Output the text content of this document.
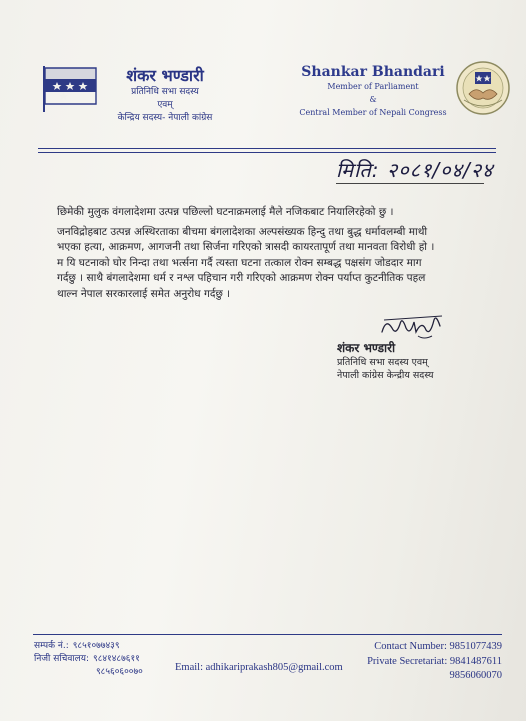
शंकर भण्डारी
प्रतिनिधि सभा सदस्य
एवम्
केन्द्रिय सदस्य- नेपाली कांग्रेस
Shankar Bhandari
Member of Parliament
&
Central Member of Nepali Congress
मिति: २०८१/०४/२४

छिमेकी मुलुक वंगलादेशमा उत्पन्न पछिल्लो घटनाक्रमलाई मैले नजिकबाट नियालिरहेको छु ।

जनविद्रोहबाट उत्पन्न अस्थिरताका बीचमा बंगलादेशका अल्पसंख्यक हिन्दु तथा बुद्ध धर्मावलम्बी माथी

भएका हत्या, आक्रमण, आगजनी तथा सिर्जना गरिएको त्रासदी कायरतापूर्ण तथा मानवता विरोधी हो ।

म यि घटनाको घोर निन्दा तथा भर्त्सना गर्दै त्यस्ता घटना तत्काल रोक्न सम्बद्ध पक्षसंग जोडदार माग

गर्दछु । साथै बंगलादेशमा धर्म र नश्ल पहिचान गरी गरिएको आक्रमण रोक्न पर्याप्त कुटनीतिक पहल

थाल्न नेपाल सरकारलाई समेत अनुरोध गर्दछु ।

शंकर भण्डारी
प्रतिनिधि सभा सदस्य एवम्
नेपाली कांग्रेस केन्द्रीय सदस्य
सम्पर्क नं.: ९८५१०७७४३९
निजी सचिवालय: ९८४१४८७६११
९८५६०६००७०	Email: adhikariprakash805@gmail.com
Contact Number: 9851077439
Private Secretariat: 9841487611
9856060070
